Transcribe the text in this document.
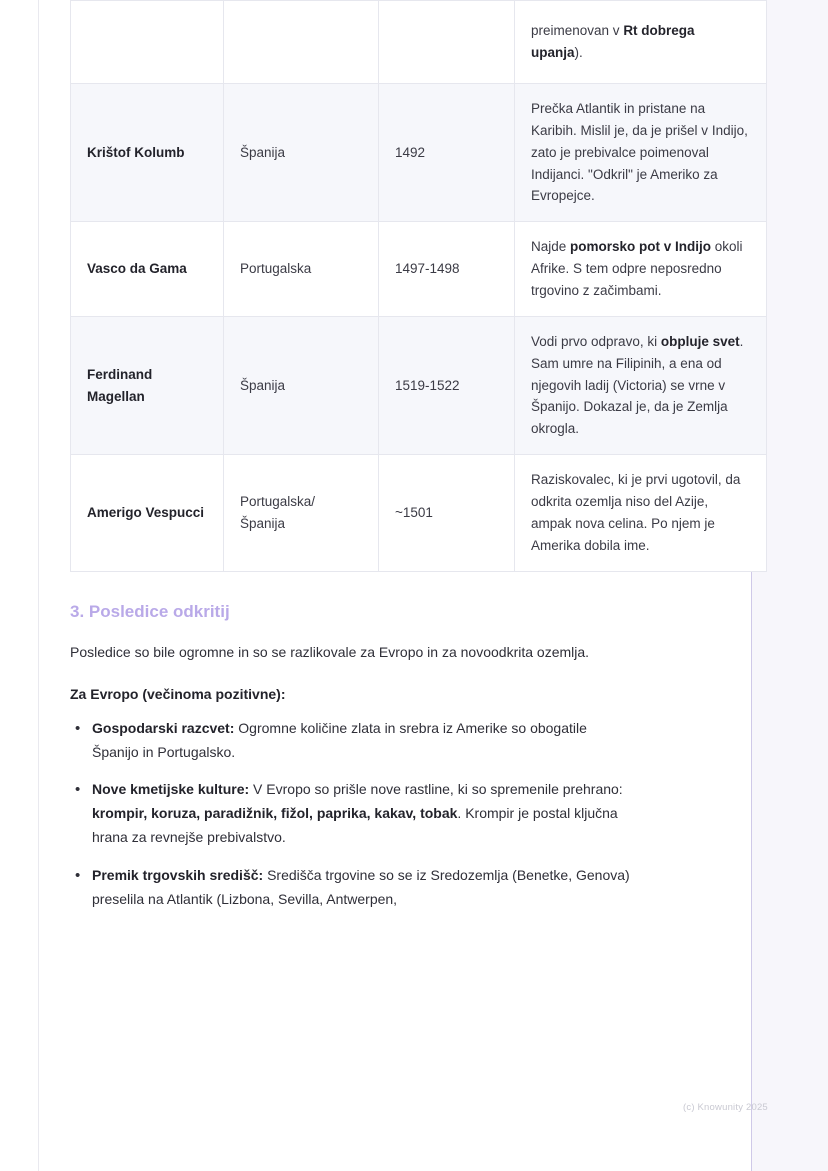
			preimenovan v Rt dobrega upanja).
Krištof Kolumb	Španija	1492	Prečka Atlantik in pristane na Karibih. Mislil je, da je prišel v Indijo, zato je prebivalce poimenoval Indijanci. "Odkril" je Ameriko za Evropejce.
Vasco da Gama	Portugalska	1497-1498	Najde pomorsko pot v Indijo okoli Afrike. S tem odpre neposredno trgovino z začimbami.
Ferdinand Magellan	Španija	1519-1522	Vodi prvo odpravo, ki obpluje svet. Sam umre na Filipinih, a ena od njegovih ladij (Victoria) se vrne v Španijo. Dokazal je, da je Zemlja okrogla.
Amerigo Vespucci	Portugalska/ Španija	~1501	Raziskovalec, ki je prvi ugotovil, da odkrita ozemlja niso del Azije, ampak nova celina. Po njem je Amerika dobila ime.
3. Posledice odkritij

Posledice so bile ogromne in so se razlikovale za Evropo in za novoodkrita ozemlja.

Za Evropo (večinoma pozitivne):

• Gospodarski razcvet: Ogromne količine zlata in srebra iz Amerike so obogatile Španijo in Portugalsko.
• Nove kmetijske kulture: V Evropo so prišle nove rastline, ki so spremenile prehrano: krompir, koruza, paradižnik, fižol, paprika, kakav, tobak. Krompir je postal ključna hrana za revnejše prebivalstvo.
• Premik trgovskih središč: Središča trgovine so se iz Sredozemlja (Benetke, Genova) preselila na Atlantik (Lizbona, Sevilla, Antwerpen,
(c) Knowunity 2025
